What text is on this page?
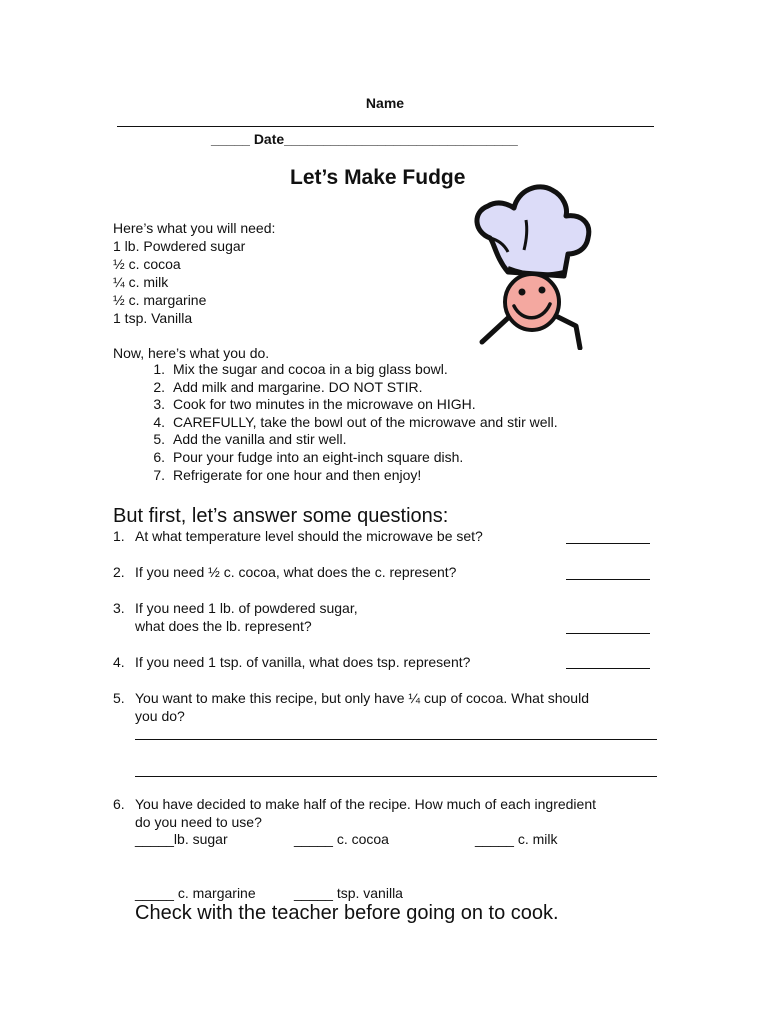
Name
_____ Date______________________________
Let’s Make Fudge
Here’s what you will need:
1 lb. Powdered sugar
½ c. cocoa
¼ c. milk
½ c. margarine
1 tsp. Vanilla
Now, here’s what you do.
1. Mix the sugar and cocoa in a big glass bowl.
2. Add milk and margarine. DO NOT STIR.
3. Cook for two minutes in the microwave on HIGH.
4. CAREFULLY, take the bowl out of the microwave and stir well.
5. Add the vanilla and stir well.
6. Pour your fudge into an eight-inch square dish.
7. Refrigerate for one hour and then enjoy!
But first, let’s answer some questions:
1. At what temperature level should the microwave be set?
2. If you need ½ c. cocoa, what does the c. represent?
3. If you need 1 lb. of powdered sugar,
what does the lb. represent?
4. If you need 1 tsp. of vanilla, what does tsp. represent?
5. You want to make this recipe, but only have ¼ cup of cocoa. What should
you do?
6. You have decided to make half of the recipe. How much of each ingredient
do you need to use?
_____lb. sugar	_____ c. cocoa	_____ c. milk
_____ c. margarine	_____ tsp. vanilla
Check with the teacher before going on to cook.
